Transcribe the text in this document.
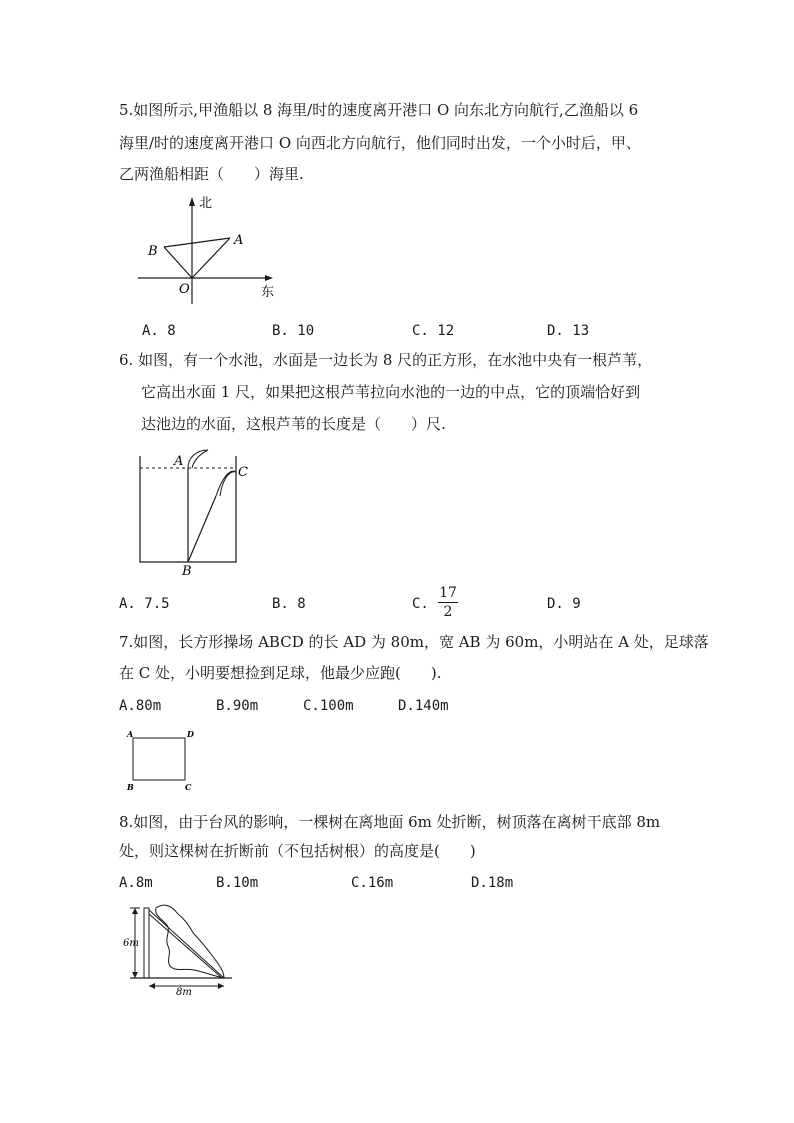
5.如图所示,甲渔船以 8 海里/时的速度离开港口 O 向东北方向航行,乙渔船以 6
海里/时的速度离开港口 O 向西北方向航行，他们同时出发，一个小时后，甲、
乙两渔船相距（　　）海里.
北
东
A
B
O
A. 8	B. 10	C. 12	D. 13
6. 如图，有一个水池，水面是一边长为 8 尺的正方形，在水池中央有一根芦苇，
它高出水面 1 尺，如果把这根芦苇拉向水池的一边的中点，它的顶端恰好到
达池边的水面，这根芦苇的长度是（　　）尺.
A
C
B
A. 7.5	B. 8	C.
17
2	D. 9
7.如图，长方形操场 ABCD 的长 AD 为 80m，宽 AB 为 60m，小明站在 A 处，足球落
在 C 处，小明要想捡到足球，他最少应跑(　　).
A.80m	B.90m	C.100m	D.140m
A	D
B	C
8.如图，由于台风的影响，一棵树在离地面 6m 处折断，树顶落在离树干底部 8m
处，则这棵树在折断前（不包括树根）的高度是(　　)
A.8m	B.10m	C.16m	D.18m
6m
8m
